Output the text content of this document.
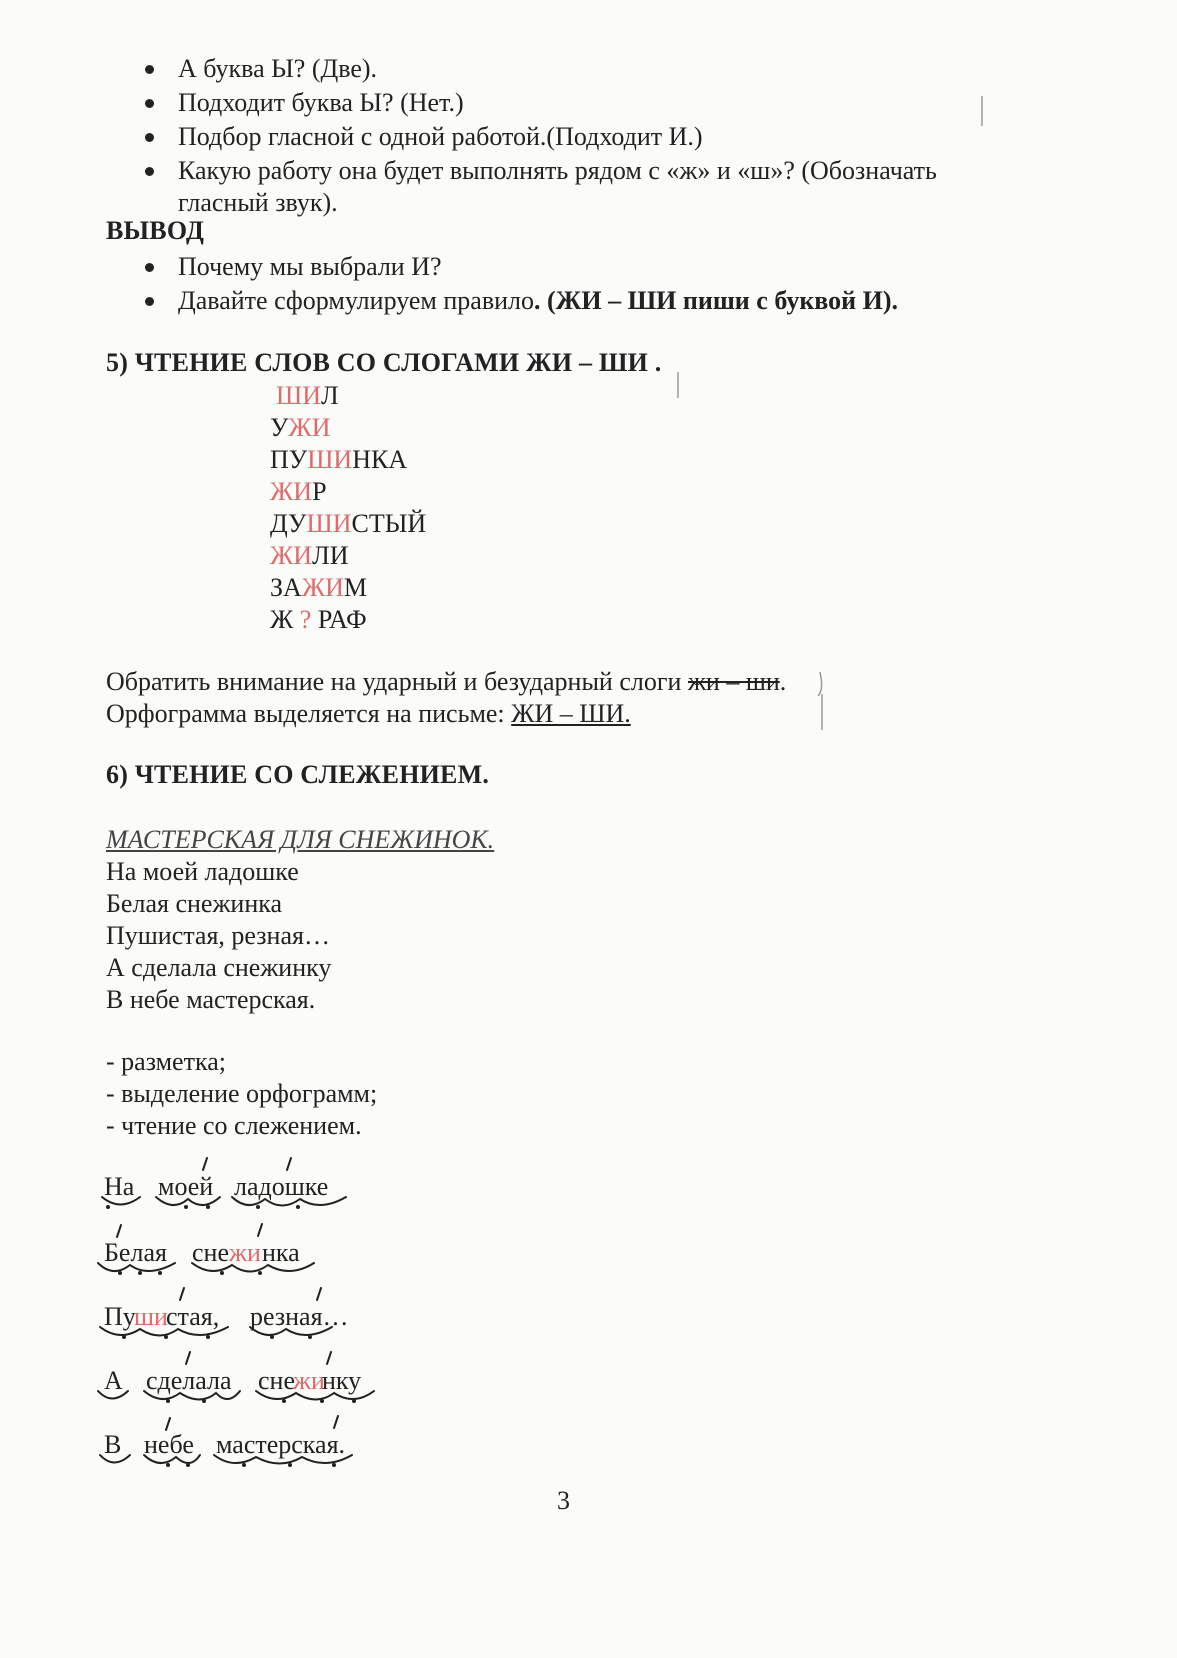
А буква Ы? (Две).
Подходит буква Ы? (Нет.)
Подбор гласной с одной работой.(Подходит И.)
Какую работу она будет выполнять рядом с «ж» и «ш»? (Обозначать
гласный звук).
ВЫВОД
Почему мы выбрали И?
Давайте сформулируем правило. (ЖИ – ШИ пиши с буквой И).
5) ЧТЕНИЕ СЛОВ СО СЛОГАМИ ЖИ – ШИ .
ШИЛ
УЖИ
ПУШИНКА
ЖИР
ДУШИСТЫЙ
ЖИЛИ
ЗАЖИМ
Ж ? РАФ
Обратить внимание на ударный и безударный слоги жи – ши.
Орфограмма выделяется на письме: ЖИ – ШИ.
6) ЧТЕНИЕ СО СЛЕЖЕНИЕМ.
МАСТЕРСКАЯ ДЛЯ СНЕЖИНОК.
На моей ладошке
Белая снежинка
Пушистая, резная…
А сделала снежинку
В небе мастерская.
- разметка;
- выделение орфограмм;
- чтение со слежением.
На моей ладошке
Белая сне жи нка
Пу
ши
стая, резная…
А сделала сне
жи
нку
В небе мастерская.
3
